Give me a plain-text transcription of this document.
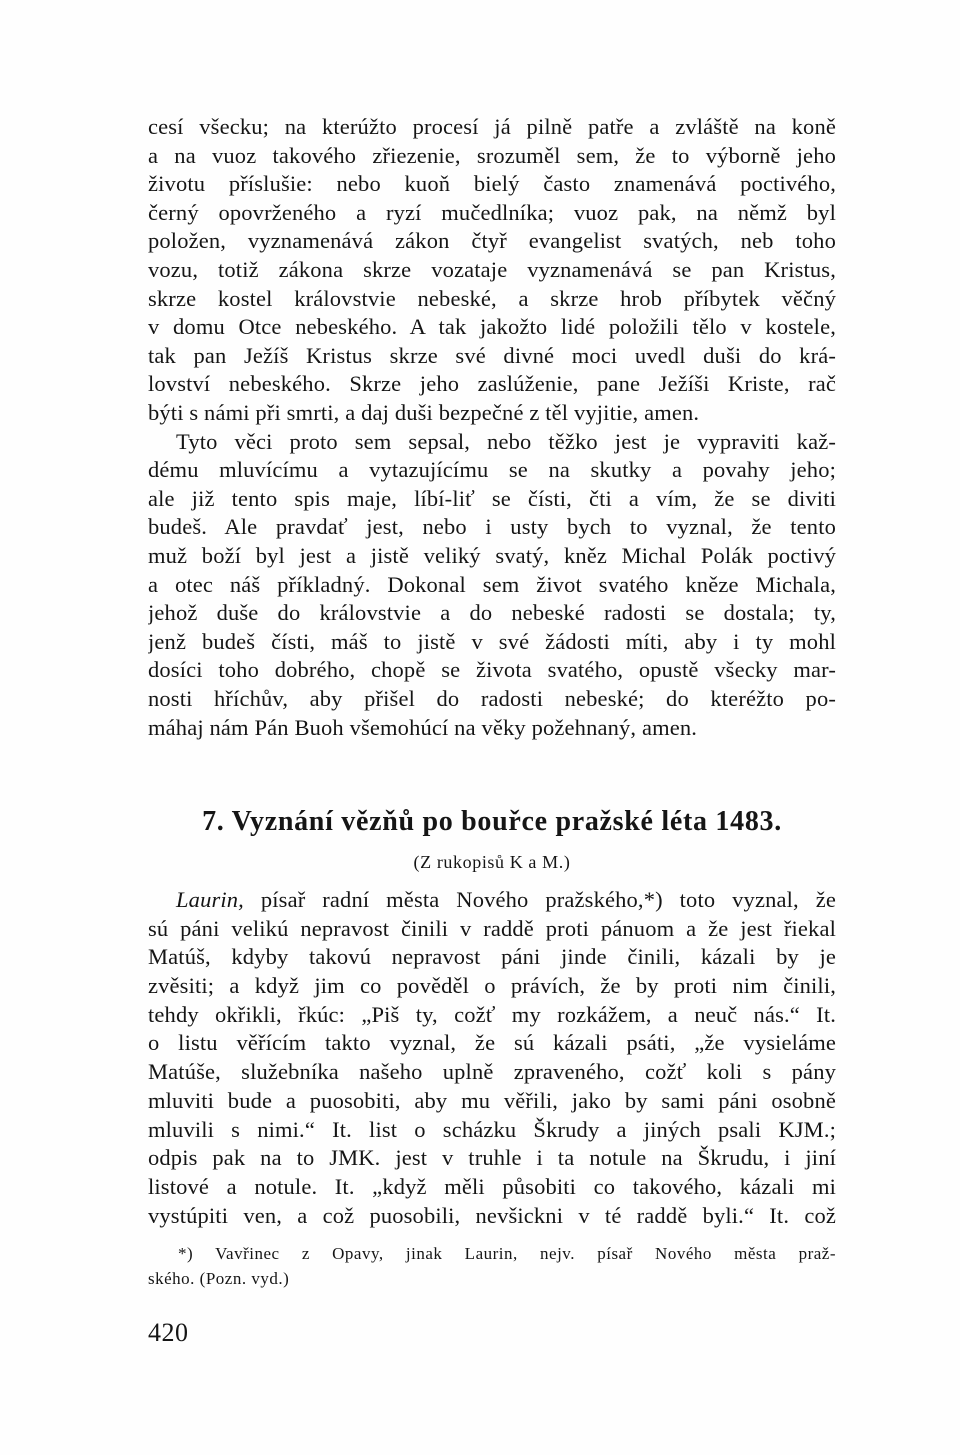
cesí všecku; na kterúžto procesí já pilně patře a zvláště na koně
a na vuoz takového zřiezenie, srozuměl sem, že to výborně jeho
životu příslušie: nebo kuoň bielý často znamenává poctivého,
černý opovrženého a ryzí mučedlníka; vuoz pak, na němž byl
položen, vyznamenává zákon čtyř evangelist svatých, neb toho
vozu, totiž zákona skrze vozataje vyznamenává se pan Kristus,
skrze kostel královstvie nebeské, a skrze hrob příbytek věčný
v domu Otce nebeského. A tak jakožto lidé položili tělo v kostele,
tak pan Ježíš Kristus skrze své divné moci uvedl duši do krá-
lovství nebeského. Skrze jeho zaslúženie, pane Ježíši Kriste, rač
býti s námi při smrti, a daj duši bezpečné z těl vyjitie, amen.
Tyto věci proto sem sepsal, nebo těžko jest je vypraviti kaž-
dému mluvícímu a vytazujícímu se na skutky a povahy jeho;
ale již tento spis maje, líbí-liť se čísti, čti a vím, že se diviti
budeš. Ale pravdať jest, nebo i usty bych to vyznal, že tento
muž boží byl jest a jistě veliký svatý, kněz Michal Polák poctivý
a otec náš příkladný. Dokonal sem život svatého kněze Michala,
jehož duše do královstvie a do nebeské radosti se dostala; ty,
jenž budeš čísti, máš to jistě v své žádosti míti, aby i ty mohl
dosíci toho dobrého, chopě se života svatého, opustě všecky mar-
nosti hříchův, aby přišel do radosti nebeské; do kteréžto po-
máhaj nám Pán Buoh všemohúcí na věky požehnaný, amen.
7. Vyznání vězňů po bouřce pražské léta 1483.
(Z rukopisů K a M.)
Laurin, písař radní města Nového pražského,*) toto vyznal, že
sú páni velikú nepravost činili v raddě proti pánuom a že jest řiekal
Matúš, kdyby takovú nepravost páni jinde činili, kázali by je
zvěsiti; a když jim co pověděl o právích, že by proti nim činili,
tehdy okřikli, řkúc: „Piš ty, cožť my rozkážem, a neuč nás.“ It.
o listu věřícím takto vyznal, že sú kázali psáti, „že vysieláme
Matúše, služebníka našeho uplně zpraveného, cožť koli s pány
mluviti bude a puosobiti, aby mu věřili, jako by sami páni osobně
mluvili s nimi.“ It. list o scházku Škrudy a jiných psali KJM.;
odpis pak na to JMK. jest v truhle i ta notule na Škrudu, i jiní
listové a notule. It. „když měli působiti co takového, kázali mi
vystúpiti ven, a což puosobili, nevšickni v té raddě byli.“ It. což
*) Vavřinec z Opavy, jinak Laurin, nejv. písař Nového města praž-
ského. (Pozn. vyd.)
420
